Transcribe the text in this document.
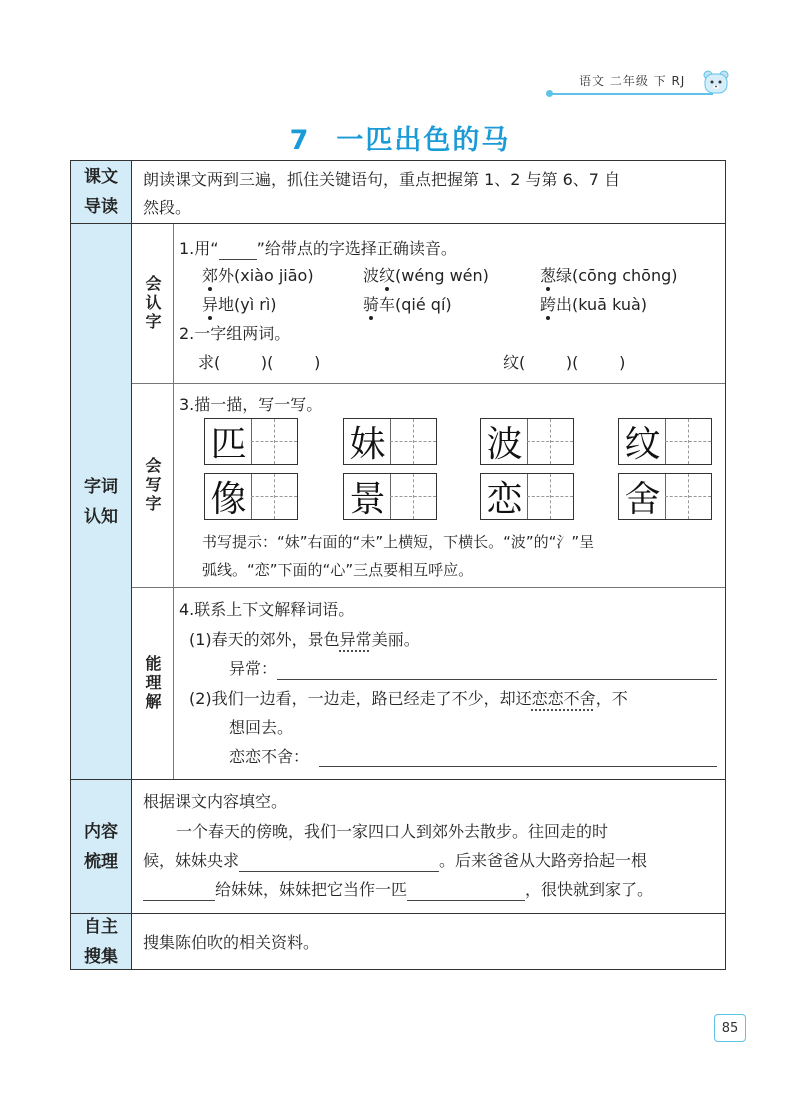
语文 二年级 下 RJ
7 一匹出色的马
课文
导读
朗读课文两到三遍，抓住关键语句，重点把握第 1、2 与第 6、7 自
然段。
字词
认知
会认字
1.用“ ”给带点的字选择正确读音。
郊外(xiào jiāo)	波纹(wéng wén)	葱绿(cōng chōng)
异地(yì rì)	骑车(qié qí)	跨出(kuā kuà)
2.一字组两词。
求(        )(        )	纹(        )(        )
会写字
3.描一描，写一写。
匹	妹	波	纹
像	景	恋	舍
书写提示：“妹”右面的“未”上横短，下横长。“波”的“氵”呈
弧线。“恋”下面的“心”三点要相互呼应。
能理解
4.联系上下文解释词语。
(1)春天的郊外，景色异常美丽。
异常：
(2)我们一边看，一边走，路已经走了不少，却还恋恋不舍，不
想回去。
恋恋不舍：
内容
梳理
根据课文内容填空。
一个春天的傍晚，我们一家四口人到郊外去散步。往回走的时
候，妹妹央求	。后来爸爸从大路旁拾起一根
给妹妹，妹妹把它当作一匹	，很快就到家了。
自主
搜集
搜集陈伯吹的相关资料。
85
